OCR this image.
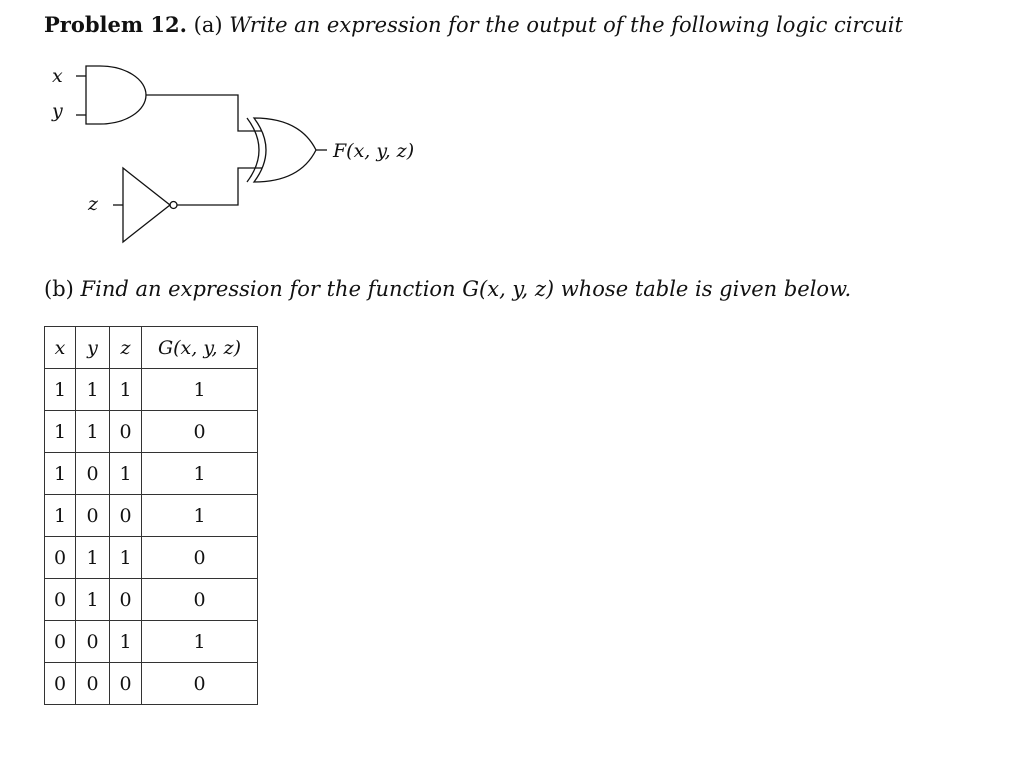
Problem 12. (a) Write an expression for the output of the following logic circuit
x
y
z
F(x, y, z)
(b) Find an expression for the function G(x, y, z) whose table is given below.
x	y	z	G(x, y, z)
1	1	1	1
1	1	0	0
1	0	1	1
1	0	0	1
0	1	1	0
0	1	0	0
0	0	1	1
0	0	0	0
